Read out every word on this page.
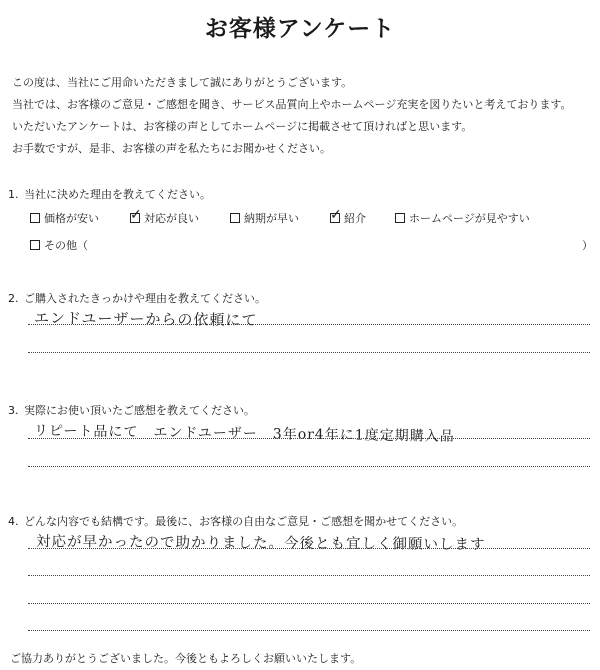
お客様アンケート
この度は、当社にご用命いただきまして誠にありがとうございます。
当社では、お客様のご意見・ご感想を聞き、サービス品質向上やホームページ充実を図りたいと考えております。
いただいたアンケートは、お客様の声としてホームページに掲載させて頂ければと思います。
お手数ですが、是非、お客様の声を私たちにお聞かせください。
1. 当社に決めた理由を教えてください。
価格が安い ✓ 対応が良い	納期が早い ✓ 紹介	ホームページが見やすい
その他（	）
2. ご購入されたきっかけや理由を教えてください。
エンドユーザーからの依頼にて
3. 実際にお使い頂いたご感想を教えてください。
リピート品にて　エンドユーザー　3年or4年に1度定期購入品
4. どんな内容でも結構です。最後に、お客様の自由なご意見・ご感想を聞かせてください。
対応が早かったので助かりました。今後とも宜しく御願いします
ご協力ありがとうございました。今後ともよろしくお願いいたします。
